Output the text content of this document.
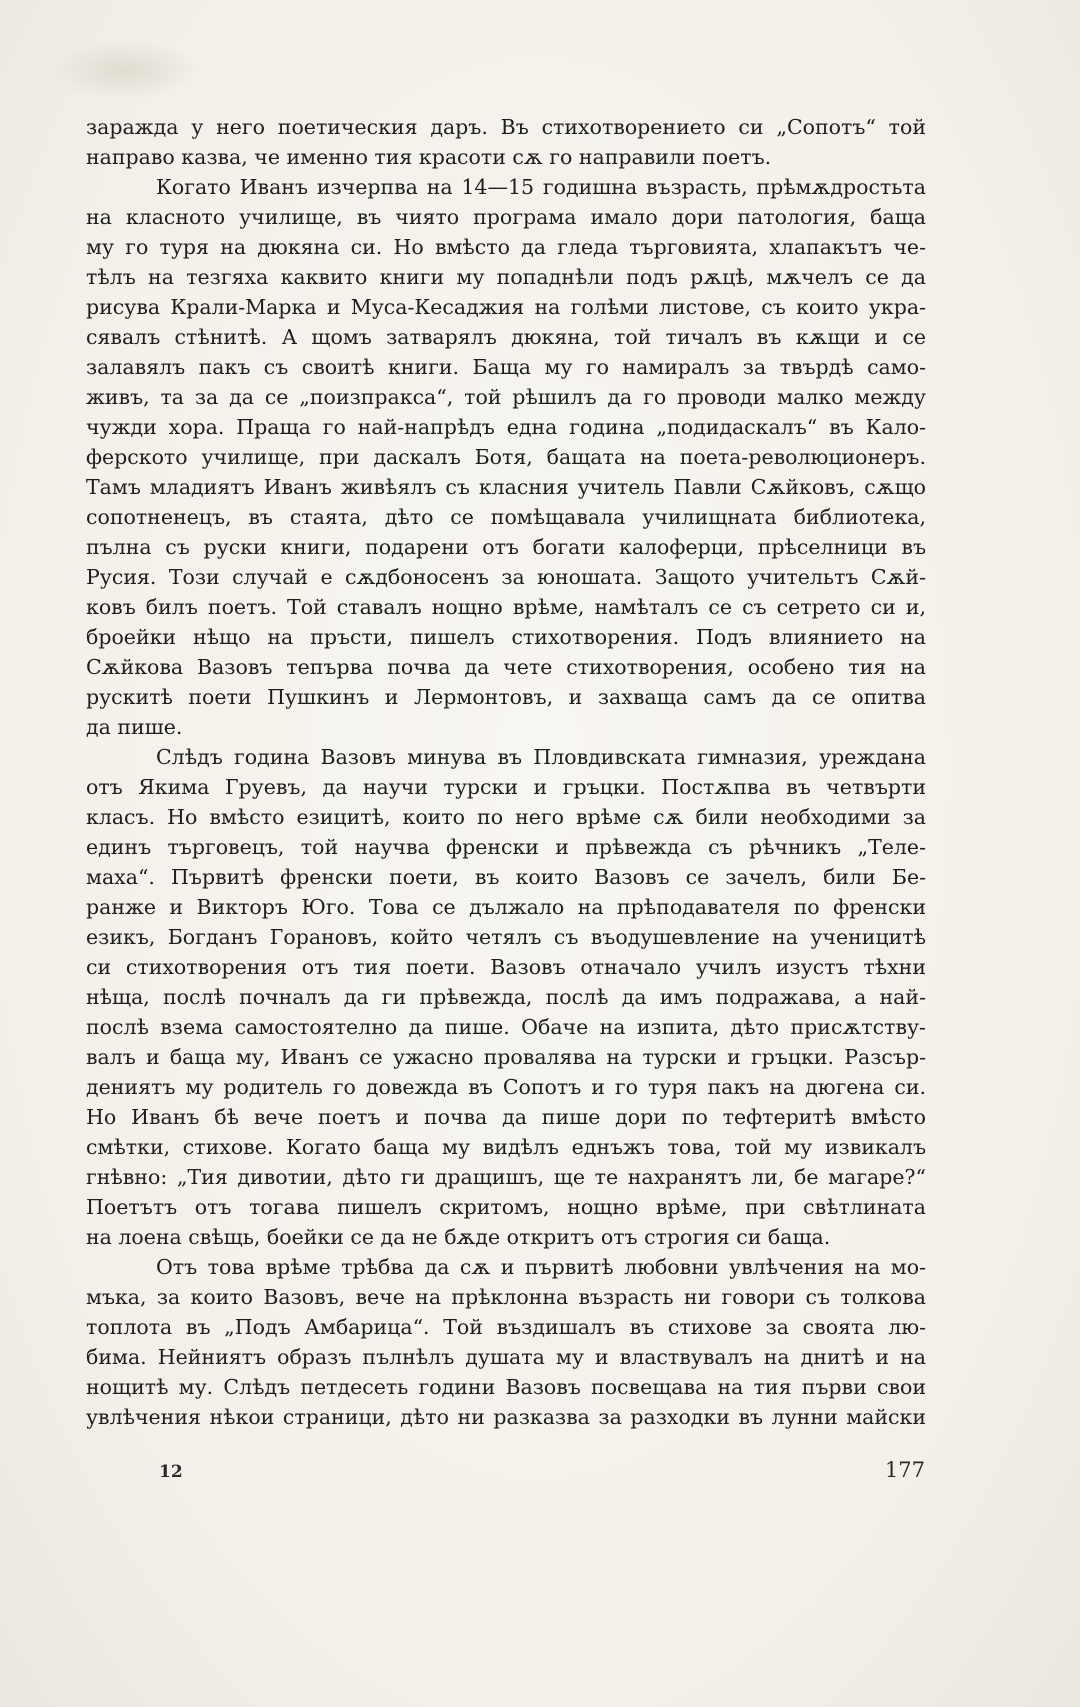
заражда у него поетическия даръ. Въ стихотворението си „Сопотъ“ той
направо казва, че именно тия красоти сѫ го направили поетъ.
Когато Иванъ изчерпва на 14—15 годишна възрасть, прѣмѫдростьта
на класното училище, въ чиято програма имало дори патология, баща
му го туря на дюкяна си. Но вмѣсто да гледа търговията, хлапакътъ че-
тѣлъ на тезгяха каквито книги му попаднѣли подъ рѫцѣ, мѫчелъ се да
рисува Крали-Марка и Муса-Кесаджия на голѣми листове, съ които укра-
сявалъ стѣнитѣ. А щомъ затварялъ дюкяна, той тичалъ въ кѫщи и се
залавялъ пакъ съ своитѣ книги. Баща му го намиралъ за твърдѣ само-
живъ, та за да се „поизпракса“, той рѣшилъ да го проводи малко между
чужди хора. Праща го най-напрѣдъ една година „подидаскалъ“ въ Кало-
ферското училище, при даскалъ Ботя, бащата на поета-революционеръ.
Тамъ младиятъ Иванъ живѣялъ съ класния учитель Павли Сѫйковъ, сѫщо
сопотненецъ, въ стаята, дѣто се помѣщавала училищната библиотека,
пълна съ руски книги, подарени отъ богати калоферци, прѣселници въ
Русия. Този случай е сѫдбоносенъ за юношата. Защото учительтъ Сѫй-
ковъ билъ поетъ. Той ставалъ нощно врѣме, намѣталъ се съ сетрето си и,
броейки нѣщо на пръсти, пишелъ стихотворения. Подъ влиянието на
Сѫйкова Вазовъ тепърва почва да чете стихотворения, особено тия на
рускитѣ поети Пушкинъ и Лермонтовъ, и захваща самъ да се опитва
да пише.
Слѣдъ година Вазовъ минува въ Пловдивската гимназия, уреждана
отъ Якима Груевъ, да научи турски и гръцки. Постѫпва въ четвърти
класъ. Но вмѣсто езицитѣ, които по него врѣме сѫ били необходими за
единъ търговецъ, той научва френски и прѣвежда съ рѣчникъ „Теле-
маха“. Първитѣ френски поети, въ които Вазовъ се зачелъ, били Бе-
ранже и Викторъ Юго. Това се дължало на прѣподавателя по френски
езикъ, Богданъ Горановъ, който четялъ съ въодушевление на ученицитѣ
си стихотворения отъ тия поети. Вазовъ отначало училъ изустъ тѣхни
нѣща, послѣ почналъ да ги прѣвежда, послѣ да имъ подражава, а най-
послѣ взема самостоятелно да пише. Обаче на изпита, дѣто присѫтству-
валъ и баща му, Иванъ се ужасно провалява на турски и гръцки. Разсър-
дениятъ му родитель го довежда въ Сопотъ и го туря пакъ на дюгена си.
Но Иванъ бѣ вече поетъ и почва да пише дори по тефтеритѣ вмѣсто
смѣтки, стихове. Когато баща му видѣлъ еднъжъ това, той му извикалъ
гнѣвно: „Тия дивотии, дѣто ги дращишъ, ще те нахранятъ ли, бе магаре?“
Поетътъ отъ тогава пишелъ скритомъ, нощно врѣме, при свѣтлината
на лоена свѣщь, боейки се да не бѫде откритъ отъ строгия си баща.
Отъ това врѣме трѣбва да сѫ и първитѣ любовни увлѣчения на мо-
мъка, за които Вазовъ, вече на прѣклонна възрасть ни говори съ толкова
топлота въ „Подъ Амбарица“. Той въздишалъ въ стихове за своята лю-
бима. Нейниятъ образъ пълнѣлъ душата му и властвувалъ на днитѣ и на
нощитѣ му. Слѣдъ петдесеть години Вазовъ посвещава на тия първи свои
увлѣчения нѣкои страници, дѣто ни разказва за разходки въ лунни майски
12	177
